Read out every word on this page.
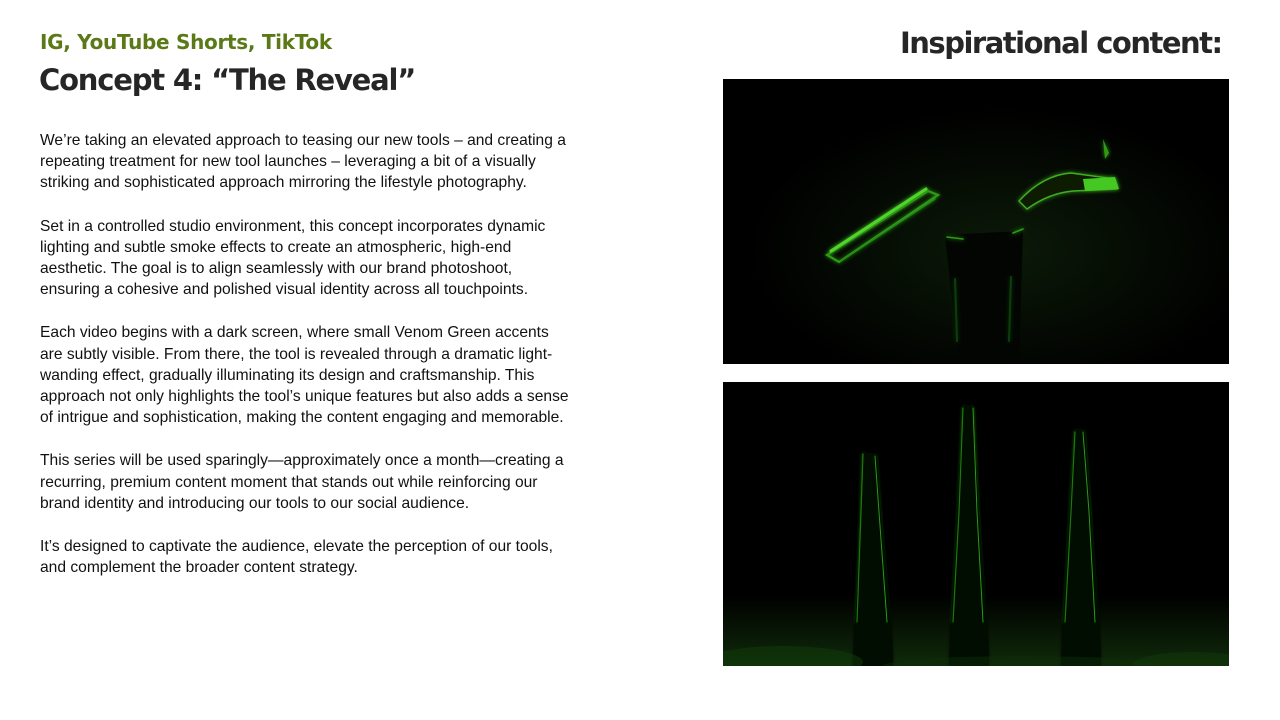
IG, YouTube Shorts, TikTok
Concept 4: “The Reveal”

We’re taking an elevated approach to teasing our new tools – and creating a repeating treatment for new tool launches – leveraging a bit of a visually striking and sophisticated approach mirroring the lifestyle photography.

Set in a controlled studio environment, this concept incorporates dynamic lighting and subtle smoke effects to create an atmospheric, high-end aesthetic. The goal is to align seamlessly with our brand photoshoot, ensuring a cohesive and polished visual identity across all touchpoints.

Each video begins with a dark screen, where small Venom Green accents are subtly visible. From there, the tool is revealed through a dramatic light-wanding effect, gradually illuminating its design and craftsmanship. This approach not only highlights the tool’s unique features but also adds a sense of intrigue and sophistication, making the content engaging and memorable.

This series will be used sparingly—approximately once a month—creating a recurring, premium content moment that stands out while reinforcing our brand identity and introducing our tools to our social audience.

It’s designed to captivate the audience, elevate the perception of our tools, and complement the broader content strategy.

Inspirational content:
